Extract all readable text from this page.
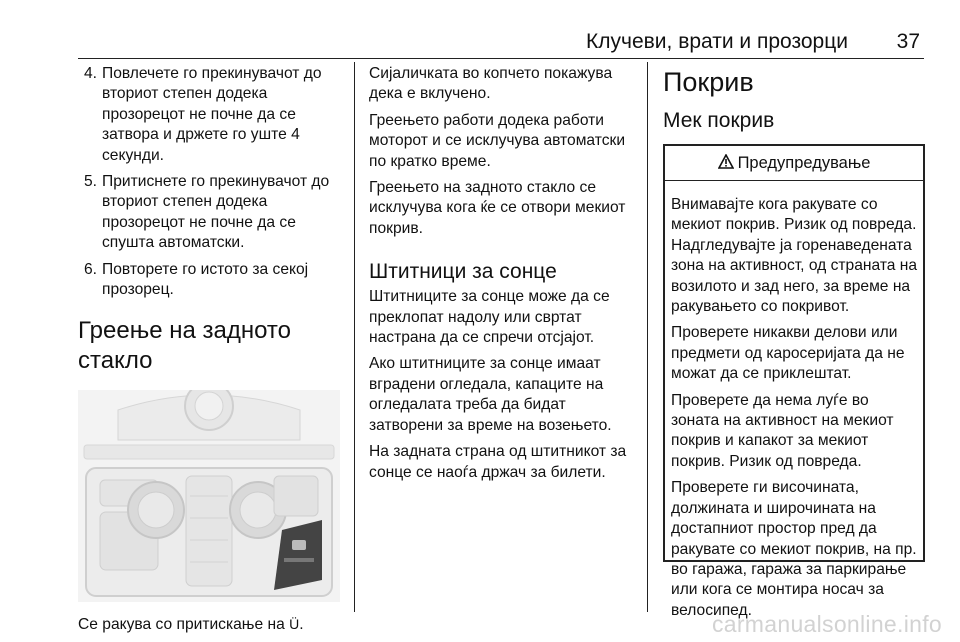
Клучеви, врати и прозорци 37
4. Повлечете го прекинувачот до вториот степен додека прозорецот не почне да се затвора и држете го уште 4 секунди.
5. Притиснете го прекинувачот до вториот степен додека прозорецот не почне да се спушта автоматски.
6. Повторете го истото за секој прозорец.
Греење на задното стакло
Се ракува со притискање на Ü.

Сијаличката во копчето покажува дека е вклучено.

Греењето работи додека работи моторот и се исклучува автоматски по кратко време.

Греењето на задното стакло се исклучува кога ќе се отвори мекиот покрив.

Штитници за сонце

Штитниците за сонце може да се преклопат надолу или свртат настрана да се спречи отсјајот.

Ако штитниците за сонце имаат вградени огледала, капаците на огледалата треба да бидат затворени за време на возењето.

На задната страна од штитникот за сонце се наоѓа држач за билети.

Покрив
Мек покрив
Предупредување

Внимавајте кога ракувате со мекиот покрив. Ризик од повреда. Надгледувајте ја горенаведената зона на активност, од страната на возилото и зад него, за време на ракувањето со покривот.

Проверете никакви делови или предмети од каросеријата да не можат да се приклештат.

Проверете да нема луѓе во зоната на активност на мекиот покрив и капакот за мекиот покрив. Ризик од повреда.

Проверете ги височината, должината и широчината на достапниот простор пред да ракувате со мекиот покрив, на пр. во гаража, гаража за паркирање или кога се монтира носач за велосипед.

carmanualsonline.info
